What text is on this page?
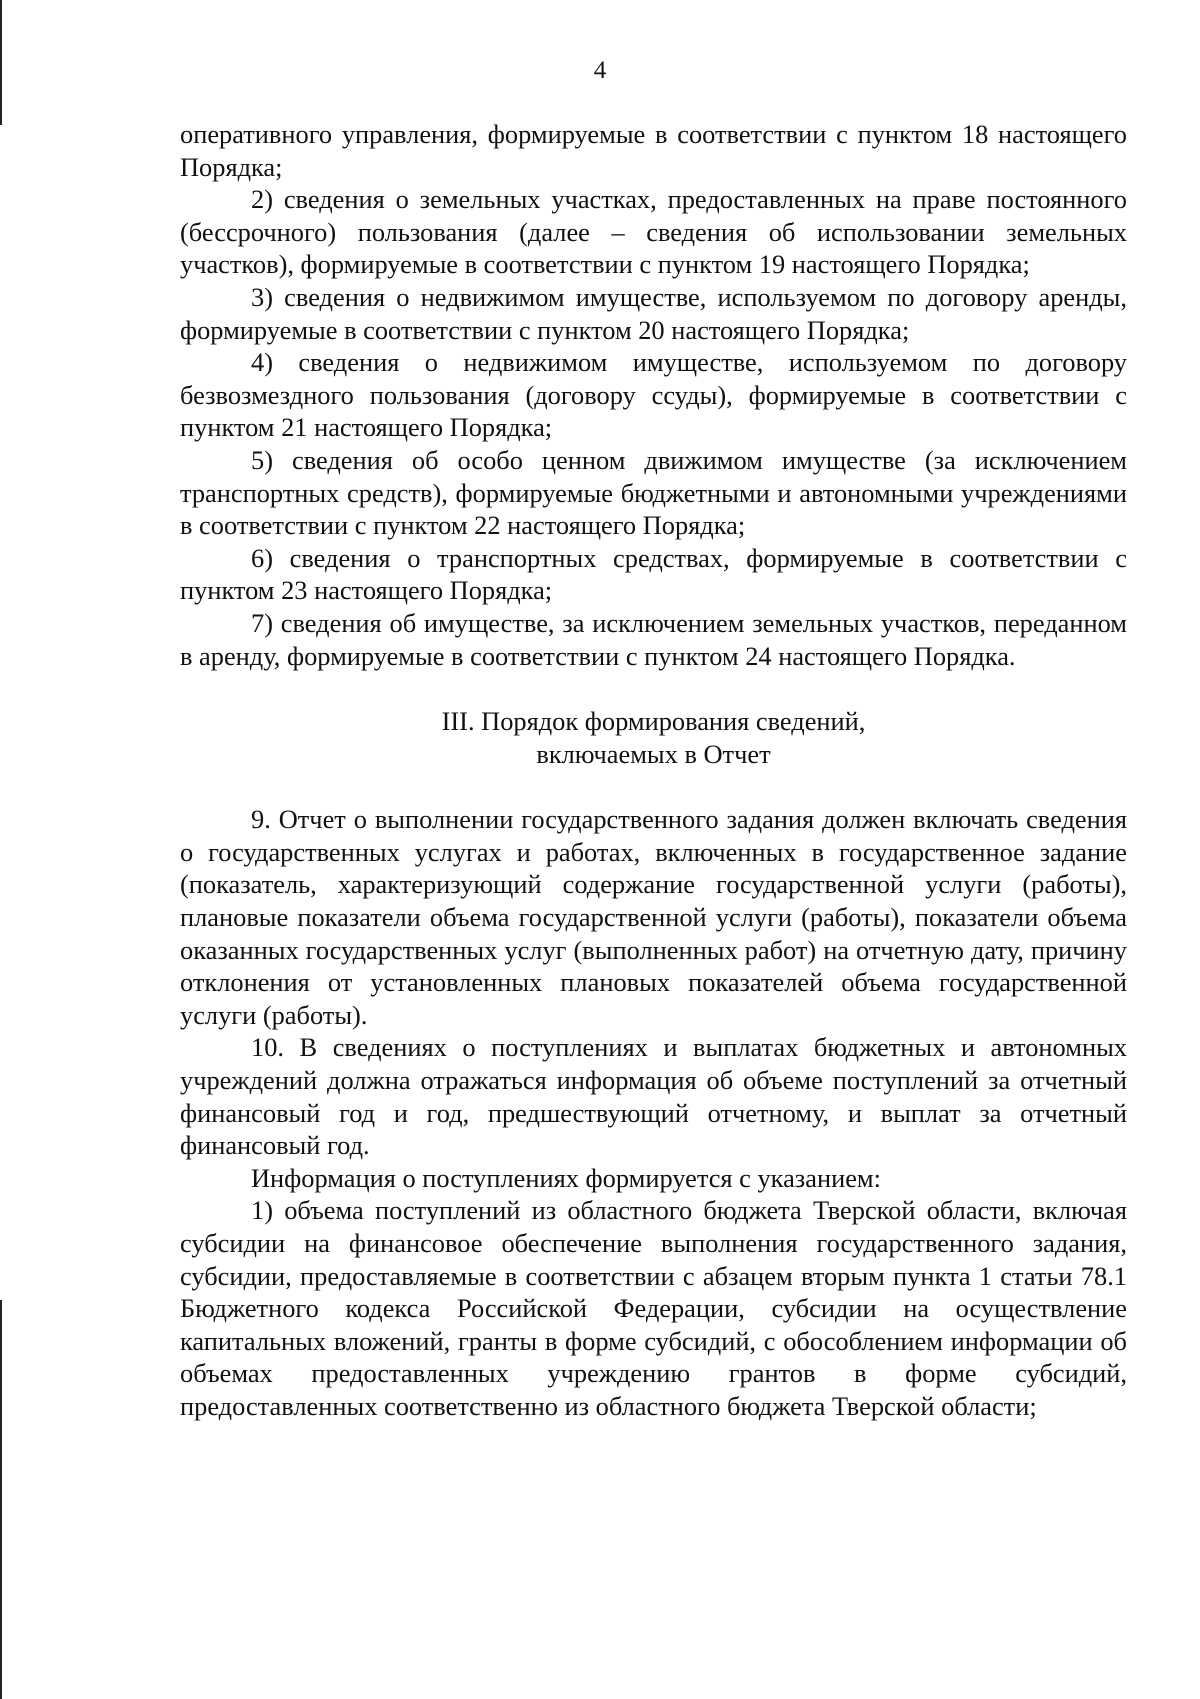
4

оперативного управления, формируемые в соответствии с пунктом 18 настоящего Порядка;

2) сведения о земельных участках, предоставленных на праве постоянного (бессрочного) пользования (далее – сведения об использовании земельных участков), формируемые в соответствии с пунктом 19 настоящего Порядка;

3) сведения о недвижимом имуществе, используемом по договору аренды, формируемые в соответствии с пунктом 20 настоящего Порядка;

4) сведения о недвижимом имуществе, используемом по договору безвозмездного пользования (договору ссуды), формируемые в соответствии с пунктом 21 настоящего Порядка;

5) сведения об особо ценном движимом имуществе (за исключением транспортных средств), формируемые бюджетными и автономными учреждениями в соответствии с пунктом 22 настоящего Порядка;

6) сведения о транспортных средствах, формируемые в соответствии с пунктом 23 настоящего Порядка;

7) сведения об имуществе, за исключением земельных участков, переданном в аренду, формируемые в соответствии с пунктом 24 настоящего Порядка.

III. Порядок формирования сведений,

включаемых в Отчет

9. Отчет о выполнении государственного задания должен включать сведения о государственных услугах и работах, включенных в государственное задание (показатель, характеризующий содержание государственной услуги (работы), плановые показатели объема государственной услуги (работы), показатели объема оказанных государственных услуг (выполненных работ) на отчетную дату, причину отклонения от установленных плановых показателей объема государственной услуги (работы).

10. В сведениях о поступлениях и выплатах бюджетных и автономных учреждений должна отражаться информация об объеме поступлений за отчетный финансовый год и год, предшествующий отчетному, и выплат за отчетный финансовый год.

Информация о поступлениях формируется с указанием:

1) объема поступлений из областного бюджета Тверской области, включая субсидии на финансовое обеспечение выполнения государственного задания, субсидии, предоставляемые в соответствии с абзацем вторым пункта 1 статьи 78.1 Бюджетного кодекса Российской Федерации, субсидии на осуществление капитальных вложений, гранты в форме субсидий, с обособлением информации об объемах предоставленных учреждению грантов в форме субсидий, предоставленных соответственно из областного бюджета Тверской области;
